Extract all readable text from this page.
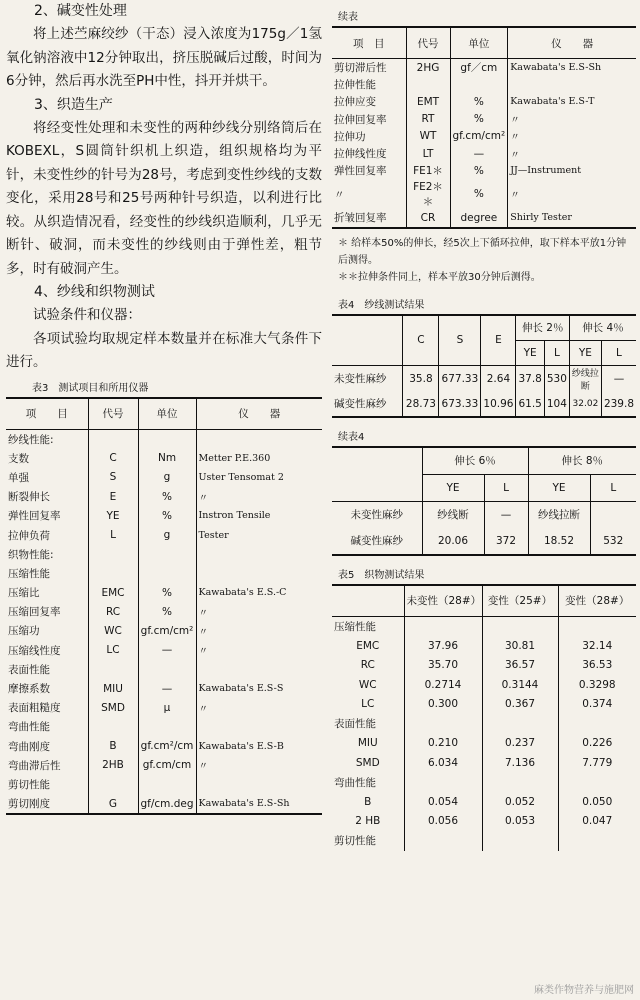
2、碱变性处理

将上述苎麻绞纱（干态）浸入浓度为175g／1氢氧化钠溶液中12分钟取出，挤压脱碱后过酸，时间为6分钟，然后再水洗至PH中性，抖开并烘干。

3、织造生产

将经变性处理和未变性的两种纱线分别络筒后在KOBEXL，S圆筒针织机上织造，组织规格均为平针，未变性纱的针号为28号，考虑到变性纱线的支数变化，采用28号和25号两种针号织造，以利进行比较。从织造情况看，经变性的纱线织造顺利，几乎无断针、破洞，而未变性的纱线则由于弹性差，粗节多，时有破洞产生。

4、纱线和织物测试

试验条件和仪器：

各项试验均取规定样本数量并在标准大气条件下进行。

表3　测试项目和所用仪器
项　　目	代号	单位	仪　　器
纱线性能:			
支数	C	Nm	Metter P.E.360
单强	S	g	Uster Tensomat 2
断裂伸长	E	%	〃
弹性回复率	YE	%	Instron Tensile
拉伸负荷	L	g	Tester
织物性能:			
压缩性能			
压缩比	EMC	%	Kawabata's E.S.-C
压缩回复率	RC	%	〃
压缩功	WC	gf.cm/cm²	〃
压缩线性度	LC	—	〃
表面性能			
摩擦系数	MIU	—	Kawabata's E.S-S
表面粗糙度	SMD	μ	〃
弯曲性能			
弯曲刚度	B	gf.cm²/cm	Kawabata's E.S-B
弯曲滞后性	2HB	gf.cm/cm	〃
剪切性能			
剪切刚度	G	gf/cm.deg	Kawabata's E.S-Sh
续表
项　目	代号	单位	仪　　器
剪切滞后性	2HG	gf／cm	Kawabata's E.S-Sh
拉伸性能			
拉伸应变	EMT	%	Kawabata's E.S-T
拉伸回复率	RT	%	〃
拉伸功	WT	gf.cm/cm²	〃
拉伸线性度	LT	—	〃
弹性回复率	FE1＊	%	JJ—Instrument
〃	FE2＊＊	%	〃
折皱回复率	CR	degree	Shirly Tester

＊ 给样本50%的伸长，经5次上下循环拉伸，取下样本平放1分钟后测得。

＊＊拉伸条件同上，样本平放30分钟后测得。

表4　纱线测试结果
	C	S	E	伸长 2％		伸长 4％	
				YE	L	YE	L
未变性麻纱	35.8	677.33	2.64	37.8	530	纱线拉断	—
碱变性麻纱	28.73	673.33	10.96	61.5	104	32.02	239.8
续表4
	伸长 6％		伸长 8％	
	YE	L	YE	L
未变性麻纱	纱线断	—	纱线拉断	
碱变性麻纱	20.06	372	18.52	532
表5　织物测试结果
	未变性（28#）	变性（25#）	变性（28#）
压缩性能			
EMC	37.96	30.81	32.14
RC	35.70	36.57	36.53
WC	0.2714	0.3144	0.3298
LC	0.300	0.367	0.374
表面性能			
MIU	0.210	0.237	0.226
SMD	6.034	7.136	7.779
弯曲性能			
B	0.054	0.052	0.050
2 HB	0.056	0.053	0.047
剪切性能			
麻类作物营养与施肥网
